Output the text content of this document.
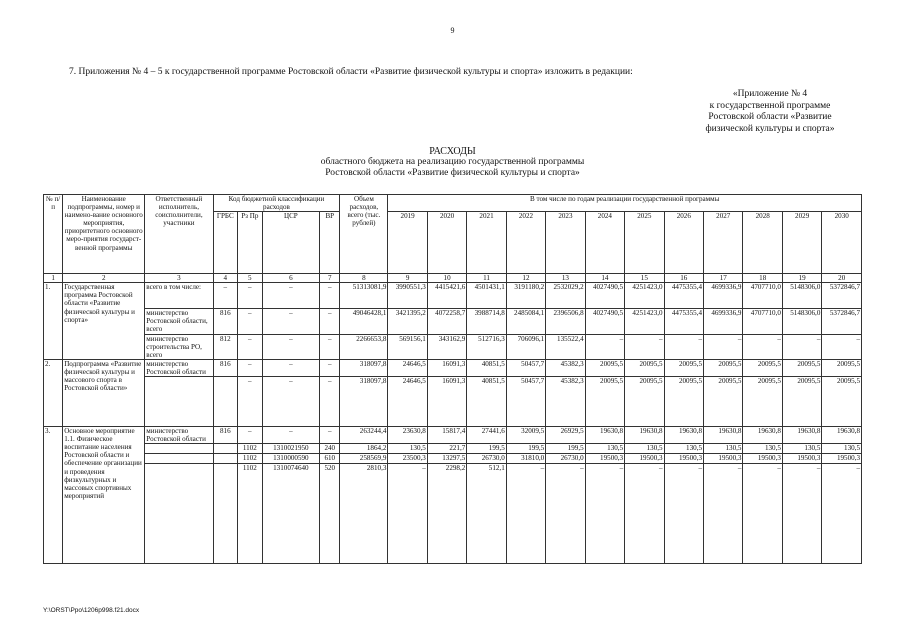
9
7. Приложения № 4 – 5 к государственной программе Ростовской области «Развитие физической культуры и спорта» изложить в редакции:
«Приложение № 4
к государственной программе
Ростовской области «Развитие
физической культуры и спорта»
РАСХОДЫ
областного бюджета на реализацию государственной программы
Ростовской области «Развитие физической культуры и спорта»
№ п/п	Наименование подпрограммы, номер и наимено-вание основного мероприятия, приоритетного основного меро-приятия государст-венной программы	Ответственный исполнитель, соисполнители, участники	Код бюджетной классификации расходов				Объем расходов, всего (тыс. рублей)	В том числе по годам реализации государственной программы											
			ГРБС	Рз Пр	ЦСР	ВР		2019	2020	2021	2022	2023	2024	2025	2026	2027	2028	2029	2030
1	2	3	4	5	6	7	8	9	10	11	12	13	14	15	16	17	18	19	20
1.	Государственная программа Ростовской области «Развитие физической культуры и спорта»	всего в том числе:	–	–	–	–	51313081,9	3990551,3	4415421,6	4501431,1	3191180,2	2532029,2	4027490,5	4251423,0	4475355,4	4699336,9	4707710,0	5148306,0	5372846,7
		министерство Ростовской области, всего	816	–	–	–	49046428,1	3421395,2	4072258,7	3988714,8	2485084,1	2396506,8	4027490,5	4251423,0	4475355,4	4699336,9	4707710,0	5148306,0	5372846,7
		министерство строительства РО, всего	812	–	–	–	2266653,8	569156,1	343162,9	512716,3	706096,1	135522,4	–	–	–	–	–	–	–
2.	Подпрограмма «Развитие физической культуры и массового спорта в Ростовской области»	министерство Ростовской области	816	–	–	–	318097,8	24646,5	16091,3	40851,5	50457,7	45382,3	20095,5	20095,5	20095,5	20095,5	20095,5	20095,5	20095,5
				–	–	–	318097,8	24646,5	16091,3	40851,5	50457,7	45382,3	20095,5	20095,5	20095,5	20095,5	20095,5	20095,5	20095,5
3.	Основное мероприятие 1.1. Физическое воспитание населения Ростовской области и обеспечение организации и проведения физкультурных и массовых спортивных мероприятий	министерство Ростовской области	816	–	–	–	263244,4	23630,8	15817,4	27441,6	32009,5	26929,5	19630,8	19630,8	19630,8	19630,8	19630,8	19630,8	19630,8
				1102	1310021950	240	1864,2	130,5	221,7	199,5	199,5	199,5	130,5	130,5	130,5	130,5	130,5	130,5	130,5
				1102	1310000590	610	258569,9	23500,3	13297,5	26730,0	31810,0	26730,0	19500,3	19500,3	19500,3	19500,3	19500,3	19500,3	19500,3
				1102	1310074640	520	2810,3	–	2298,2	512,1	–	–	–	–	–	–	–	–	–
Y:\ORST\Ppo\1206p998.f21.docx
